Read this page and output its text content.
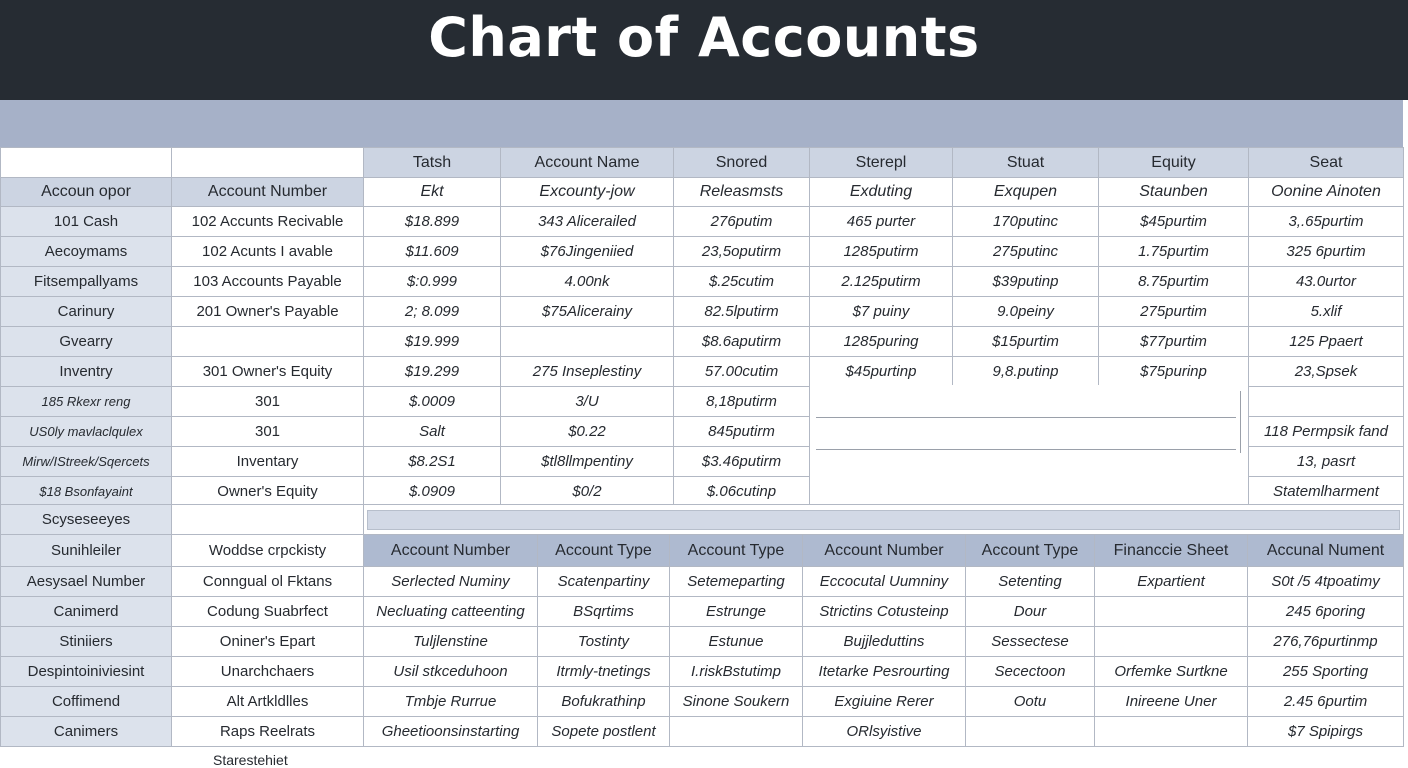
Chart of Accounts
		Tatsh	Account Name	Snored	Sterepl	Stuat	Equity	Seat
Accoun opor	Account Number	Ekt	Excounty-jow	Releasmsts	Exduting	Exqupen	Staunben	Oonine Ainoten
101 Cash	102 Accunts Recivable	$18.899	343 Alicerailed	276putim	465 purter	170putinc	$45purtim	3,.65purtim
Aecoymams	102 Acunts I avable	$11.609	$76Jingeniied	23,5oputirm	1285putirm	275putinc	1.75purtim	325 6purtim
Fitsempallyams	103 Accounts Payable	$:0.999	4.00nk	$.25cutim	2.125putirm	$39putinp	8.75purtim	43.0urtor
Carinury	201 Owner's Payable	2; 8.099	$75Alicerainy	82.5lputirm	$7 puiny	9.0peiny	275purtim	5.xlif
Gvearry		$19.999		$8.6aputirm	1285puring	$15purtim	$77purtim	125 Ppaert
Inventry	301 Owner's Equity	$19.299	275 Inseplestiny	57.00cutim	$45purtinp	9,8.putinp	$75purinp	23,Spsek
185 Rkexr reng	301	$.0009	3/U	8,18putirm				
US0ly mavlaclqulex	301	Salt	$0.22	845putirm				118 Permpsik fand
Mirw/IStreek/Sqercets	Inventary	$8.2S1	$tl8llmpentiny	$3.46putirm				13, pasrt
$18 Bsonfayaint	Owner's Equity	$.0909	$0/2	$.06cutinp				Statemlharment
Scyseseeyes								

Sunihleiler	Woddse crpckisty	Account Number	Account Type	Account Type	Account Number	Account Type	Financcie Sheet	Accunal Nument
Aesysael Number	Conngual ol Fktans	Serlected Numiny	Scatenpartiny	Setemeparting	Eccocutal Uumniny	Setenting	Expartient	S0t /5 4tpoatimy
Canimerd	Codung Suabrfect	Necluating catteenting	BSqrtims	Estrunge	Strictins Cotusteinp	Dour		245 6poring
Stiniiers	Oniner's Epart	Tuljlenstine	Tostinty	Estunue	Bujjleduttins	Sessectese		276,76purtinmp
Despintoiniviesint	Unarchchaers	Usil stkceduhoon	Itrmly-tnetings	I.riskBstutimp	Itetarke Pesrourting	Secectoon	Orfemke Surtkne	255 Sporting
Coffimend	Alt Artkldlles	Tmbje Rurrue	Bofukrathinp	Sinone Soukern	Exgiuine Rerer	Ootu	Inireene Uner	2.45 6purtim
Canimers	Raps Reelrats	Gheetioonsinstarting	Sopete postlent		ORlsyistive			$7 Spipirgs
Starestehiet
